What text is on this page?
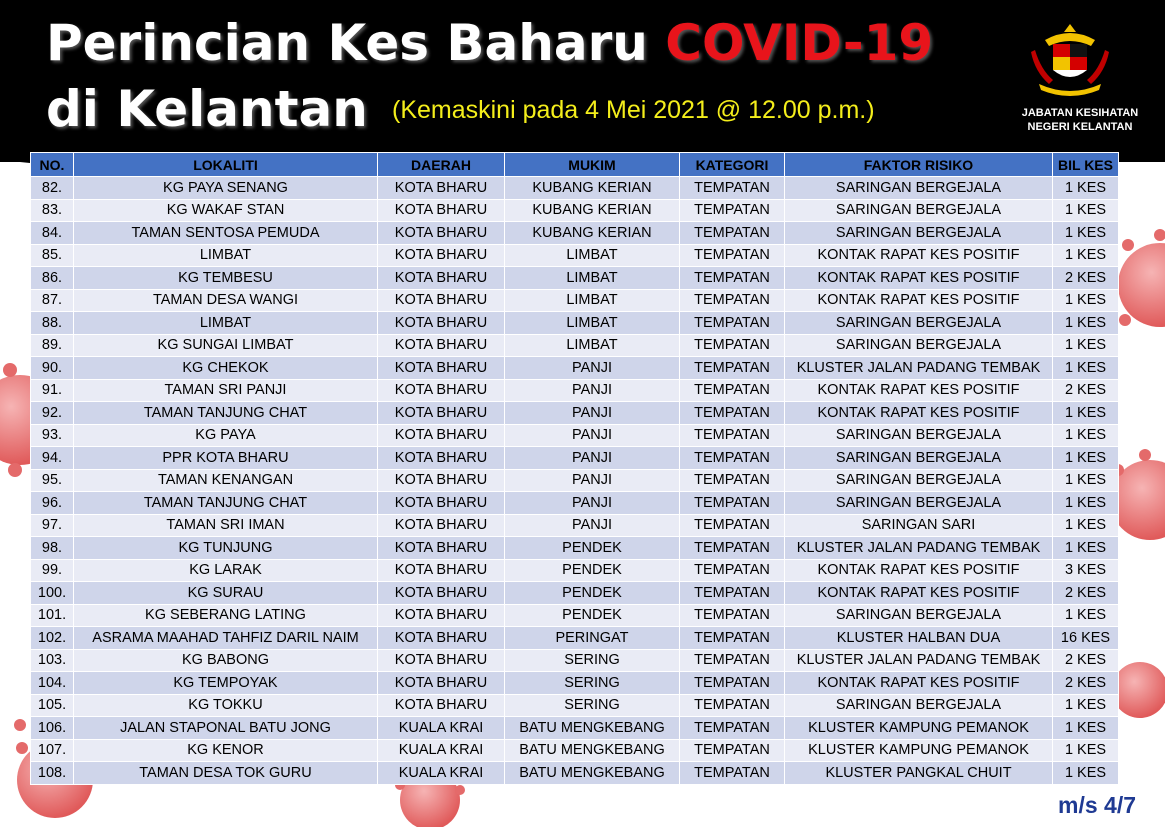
Perincian Kes Baharu COVID-19
di Kelantan (Kemaskini pada 4 Mei 2021 @ 12.00 p.m.)	JABATAN KESIHATAN
NEGERI KELANTAN
NO.	LOKALITI	DAERAH	MUKIM	KATEGORI	FAKTOR RISIKO	BIL KES
82.	KG PAYA SENANG	KOTA BHARU	KUBANG KERIAN	TEMPATAN	SARINGAN BERGEJALA	1 KES
83.	KG WAKAF STAN	KOTA BHARU	KUBANG KERIAN	TEMPATAN	SARINGAN BERGEJALA	1 KES
84.	TAMAN SENTOSA PEMUDA	KOTA BHARU	KUBANG KERIAN	TEMPATAN	SARINGAN BERGEJALA	1 KES
85.	LIMBAT	KOTA BHARU	LIMBAT	TEMPATAN	KONTAK RAPAT KES POSITIF	1 KES
86.	KG TEMBESU	KOTA BHARU	LIMBAT	TEMPATAN	KONTAK RAPAT KES POSITIF	2 KES
87.	TAMAN DESA WANGI	KOTA BHARU	LIMBAT	TEMPATAN	KONTAK RAPAT KES POSITIF	1 KES
88.	LIMBAT	KOTA BHARU	LIMBAT	TEMPATAN	SARINGAN BERGEJALA	1 KES
89.	KG SUNGAI LIMBAT	KOTA BHARU	LIMBAT	TEMPATAN	SARINGAN BERGEJALA	1 KES
90.	KG CHEKOK	KOTA BHARU	PANJI	TEMPATAN	KLUSTER JALAN PADANG TEMBAK	1 KES
91.	TAMAN SRI PANJI	KOTA BHARU	PANJI	TEMPATAN	KONTAK RAPAT KES POSITIF	2 KES
92.	TAMAN TANJUNG CHAT	KOTA BHARU	PANJI	TEMPATAN	KONTAK RAPAT KES POSITIF	1 KES
93.	KG PAYA	KOTA BHARU	PANJI	TEMPATAN	SARINGAN BERGEJALA	1 KES
94.	PPR KOTA BHARU	KOTA BHARU	PANJI	TEMPATAN	SARINGAN BERGEJALA	1 KES
95.	TAMAN KENANGAN	KOTA BHARU	PANJI	TEMPATAN	SARINGAN BERGEJALA	1 KES
96.	TAMAN TANJUNG CHAT	KOTA BHARU	PANJI	TEMPATAN	SARINGAN BERGEJALA	1 KES
97.	TAMAN SRI IMAN	KOTA BHARU	PANJI	TEMPATAN	SARINGAN SARI	1 KES
98.	KG TUNJUNG	KOTA BHARU	PENDEK	TEMPATAN	KLUSTER JALAN PADANG TEMBAK	1 KES
99.	KG LARAK	KOTA BHARU	PENDEK	TEMPATAN	KONTAK RAPAT KES POSITIF	3 KES
100.	KG SURAU	KOTA BHARU	PENDEK	TEMPATAN	KONTAK RAPAT KES POSITIF	2 KES
101.	KG SEBERANG LATING	KOTA BHARU	PENDEK	TEMPATAN	SARINGAN BERGEJALA	1 KES
102.	ASRAMA MAAHAD TAHFIZ DARIL NAIM	KOTA BHARU	PERINGAT	TEMPATAN	KLUSTER HALBAN DUA	16 KES
103.	KG BABONG	KOTA BHARU	SERING	TEMPATAN	KLUSTER JALAN PADANG TEMBAK	2 KES
104.	KG TEMPOYAK	KOTA BHARU	SERING	TEMPATAN	KONTAK RAPAT KES POSITIF	2 KES
105.	KG TOKKU	KOTA BHARU	SERING	TEMPATAN	SARINGAN BERGEJALA	1 KES
106.	JALAN STAPONAL BATU JONG	KUALA KRAI	BATU MENGKEBANG	TEMPATAN	KLUSTER KAMPUNG PEMANOK	1 KES
107.	KG KENOR	KUALA KRAI	BATU MENGKEBANG	TEMPATAN	KLUSTER KAMPUNG PEMANOK	1 KES
108.	TAMAN DESA TOK GURU	KUALA KRAI	BATU MENGKEBANG	TEMPATAN	KLUSTER PANGKAL CHUIT	1 KES
m/s 4/7
